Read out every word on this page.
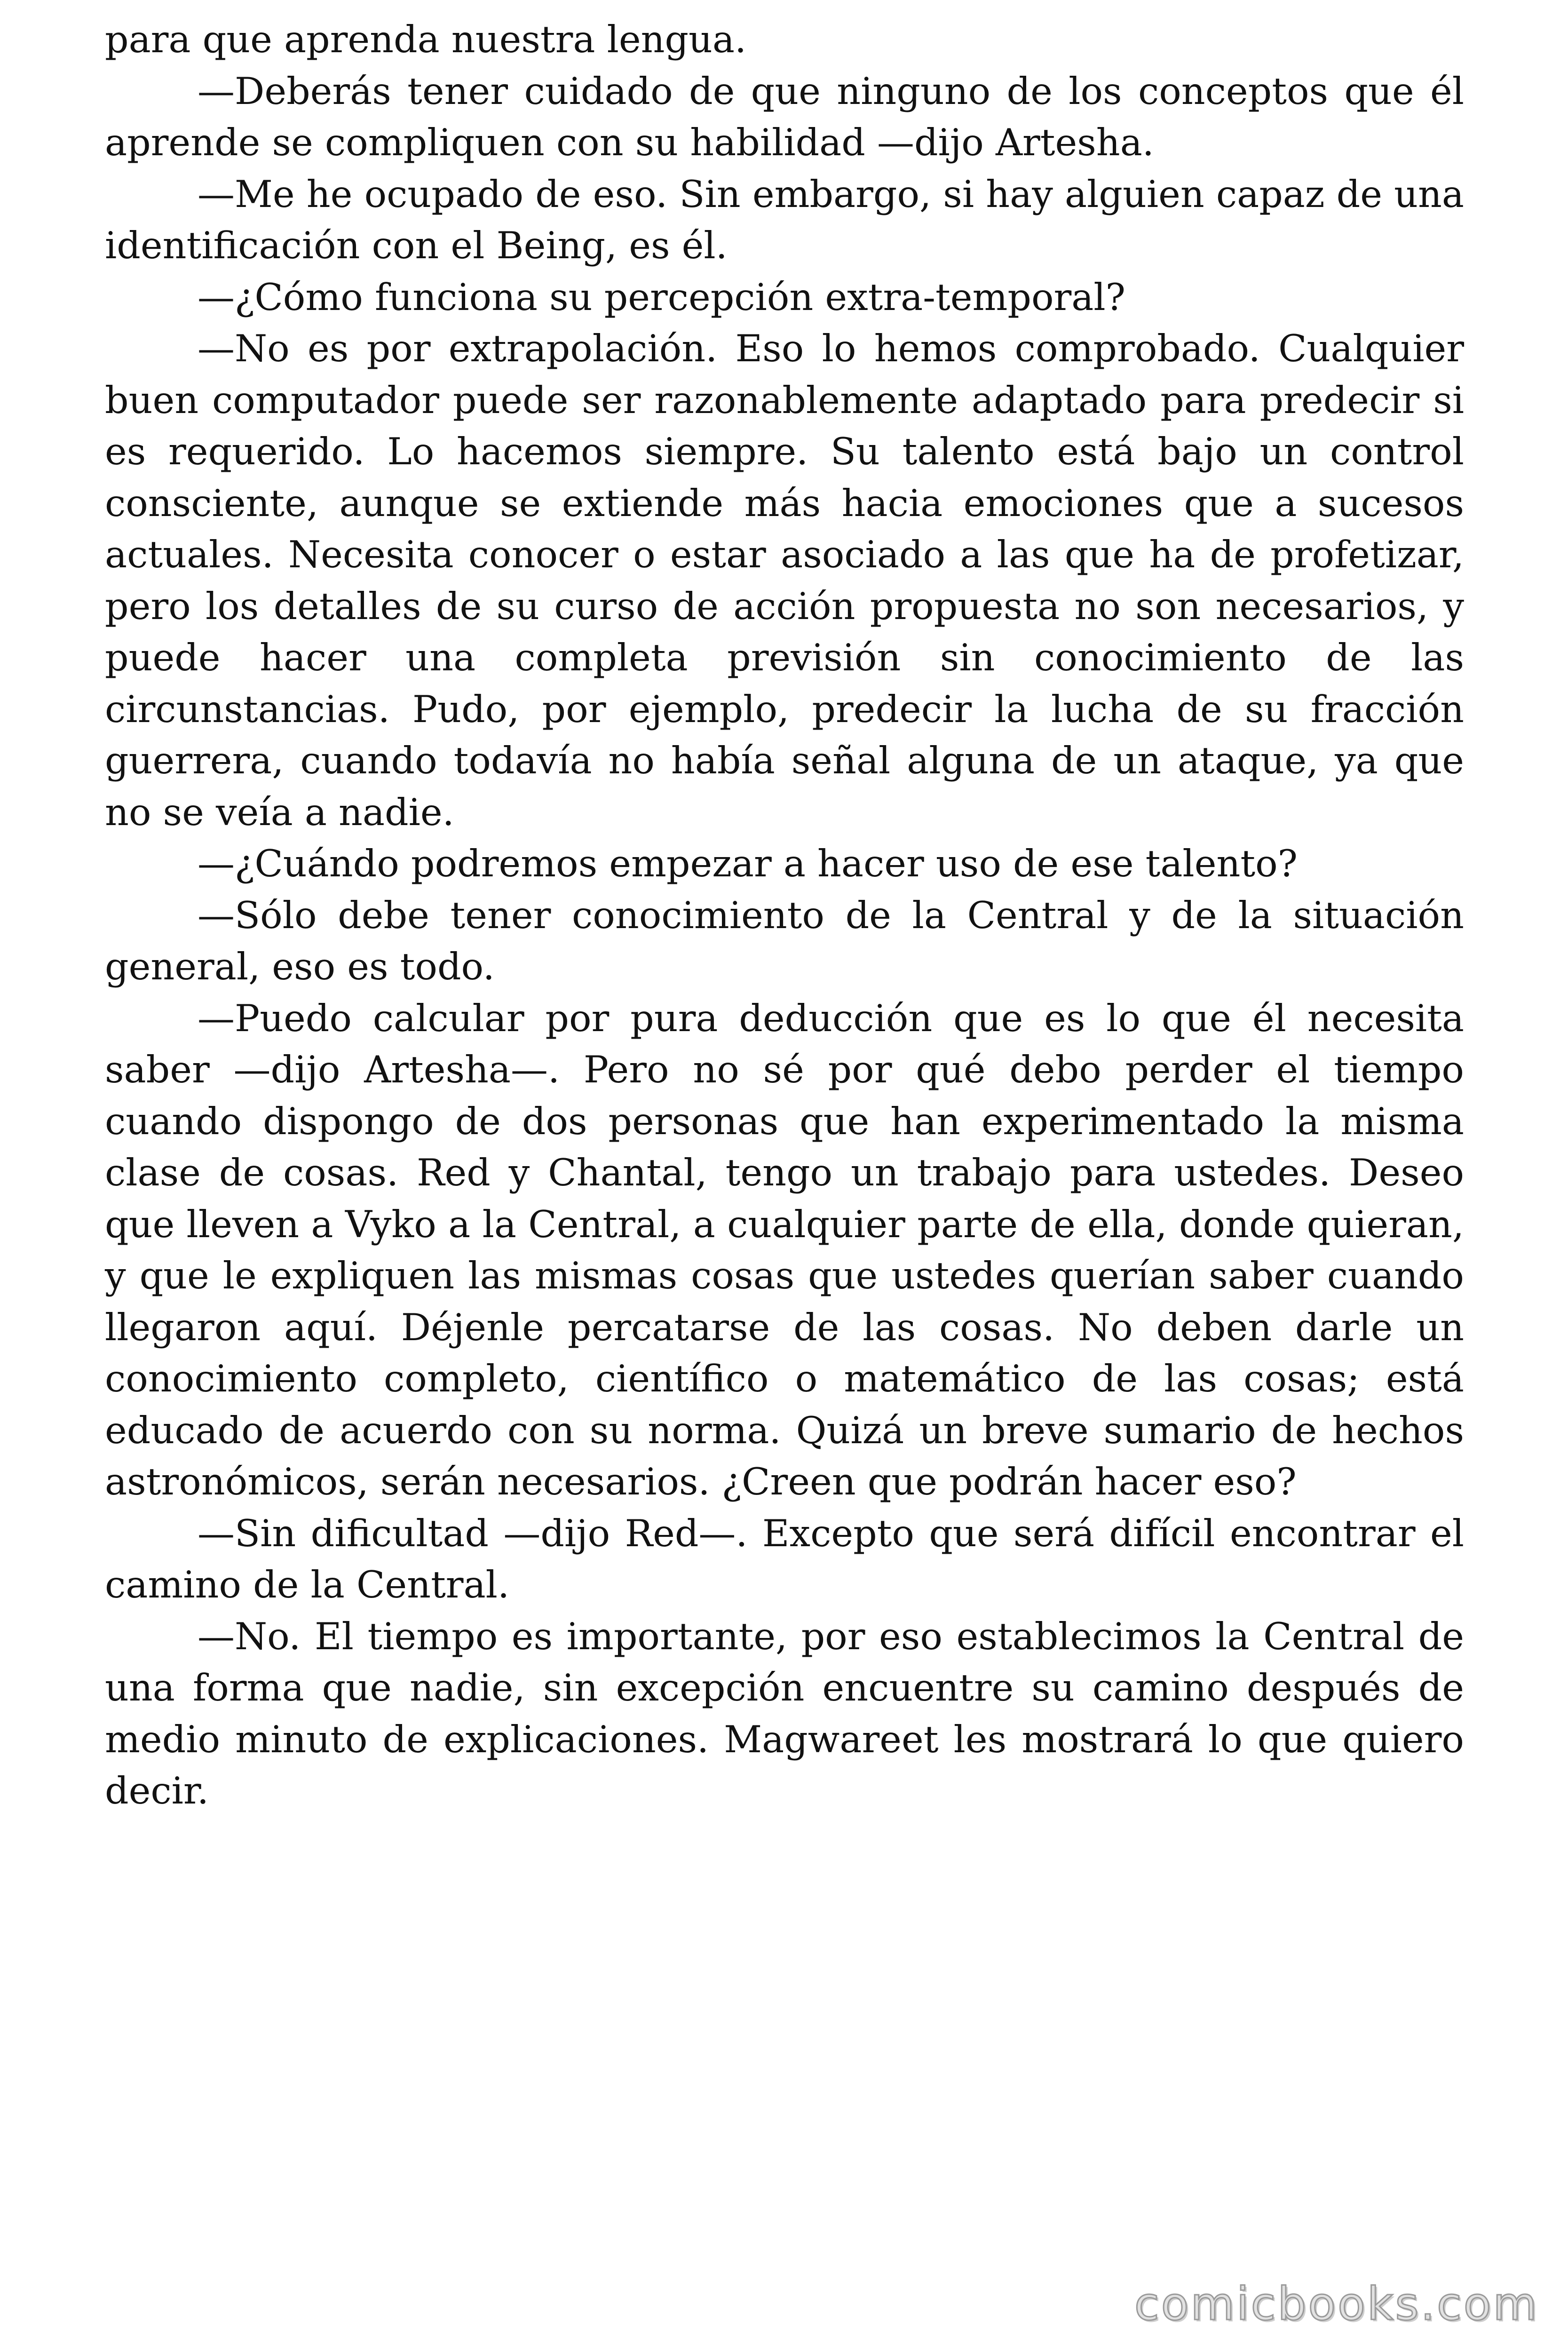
para que aprenda nuestra lengua.

—Deberás tener cuidado de que ninguno de los conceptos que él aprende se compliquen con su habilidad —dijo Artesha.

—Me he ocupado de eso. Sin embargo, si hay alguien capaz de una identificación con el Being, es él.

—¿Cómo funciona su percepción extra-temporal?

—No es por extrapolación. Eso lo hemos comprobado. Cualquier buen computador puede ser razonablemente adaptado para predecir si es requerido. Lo hacemos siempre. Su talento está bajo un control consciente, aunque se extiende más hacia emociones que a sucesos actuales. Necesita conocer o estar asociado a las que ha de profetizar, pero los detalles de su curso de acción propuesta no son necesarios, y puede hacer una completa previsión sin conocimiento de las circunstancias. Pudo, por ejemplo, predecir la lucha de su fracción guerrera, cuando todavía no había señal alguna de un ataque, ya que no se veía a nadie.

—¿Cuándo podremos empezar a hacer uso de ese talento?

—Sólo debe tener conocimiento de la Central y de la situación general, eso es todo.

—Puedo calcular por pura deducción que es lo que él necesita saber —dijo Artesha—. Pero no sé por qué debo perder el tiempo cuando dispongo de dos personas que han experimentado la misma clase de cosas. Red y Chantal, tengo un trabajo para ustedes. Deseo que lleven a Vyko a la Central, a cualquier parte de ella, donde quieran, y que le expliquen las mismas cosas que ustedes querían saber cuando llegaron aquí. Déjenle percatarse de las cosas. No deben darle un conocimiento completo, científico o matemático de las cosas; está educado de acuerdo con su norma. Quizá un breve sumario de hechos astronómicos, serán necesarios. ¿Creen que podrán hacer eso?

—Sin dificultad —dijo Red—. Excepto que será difícil encontrar el camino de la Central.

—No. El tiempo es importante, por eso establecimos la Central de una forma que nadie, sin excepción encuentre su camino después de medio minuto de explicaciones. Magwareet les mostrará lo que quiero decir.

comicbooks.com
